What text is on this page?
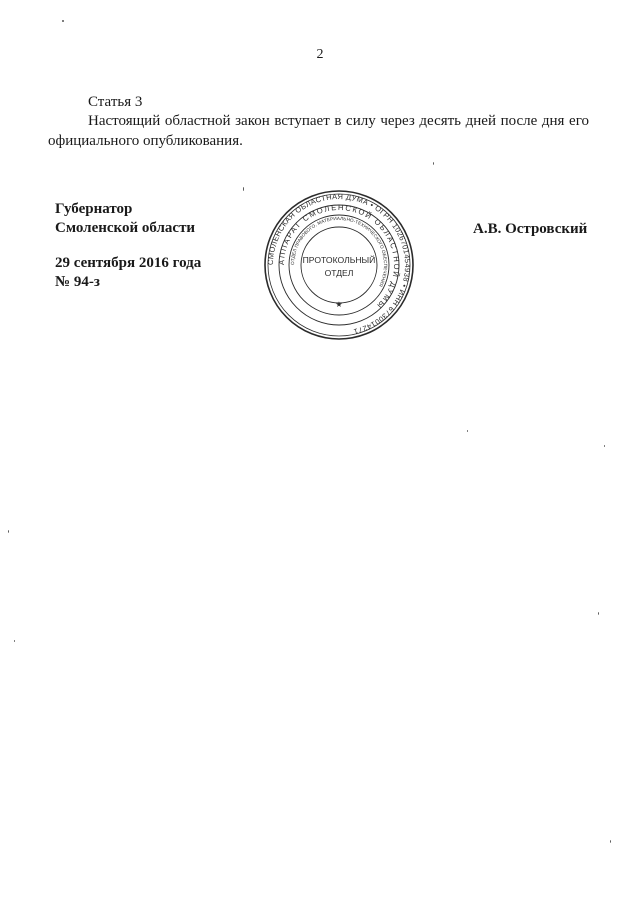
2
Статья 3
Настоящий областной закон вступает в силу через десять дней после дня его официального опубликования.
Губернатор
Смоленской области	А.В. Островский
29 сентября 2016 года
№ 94-з
СМОЛЕНСКАЯ ОБЛАСТНАЯ ДУМА • ОГРН 1026701454938 • ИНН 6730014271
АППАРАТ СМОЛЕНСКОЙ ОБЛАСТНОЙ ДУМЫ
ОТДЕЛ ПРАВОВОГО, МАТЕРИАЛЬНО-ТЕХНИЧЕСКОГО ОБЕСПЕЧЕНИЯ
ПРОТОКОЛЬНЫЙ
ОТДЕЛ
★
